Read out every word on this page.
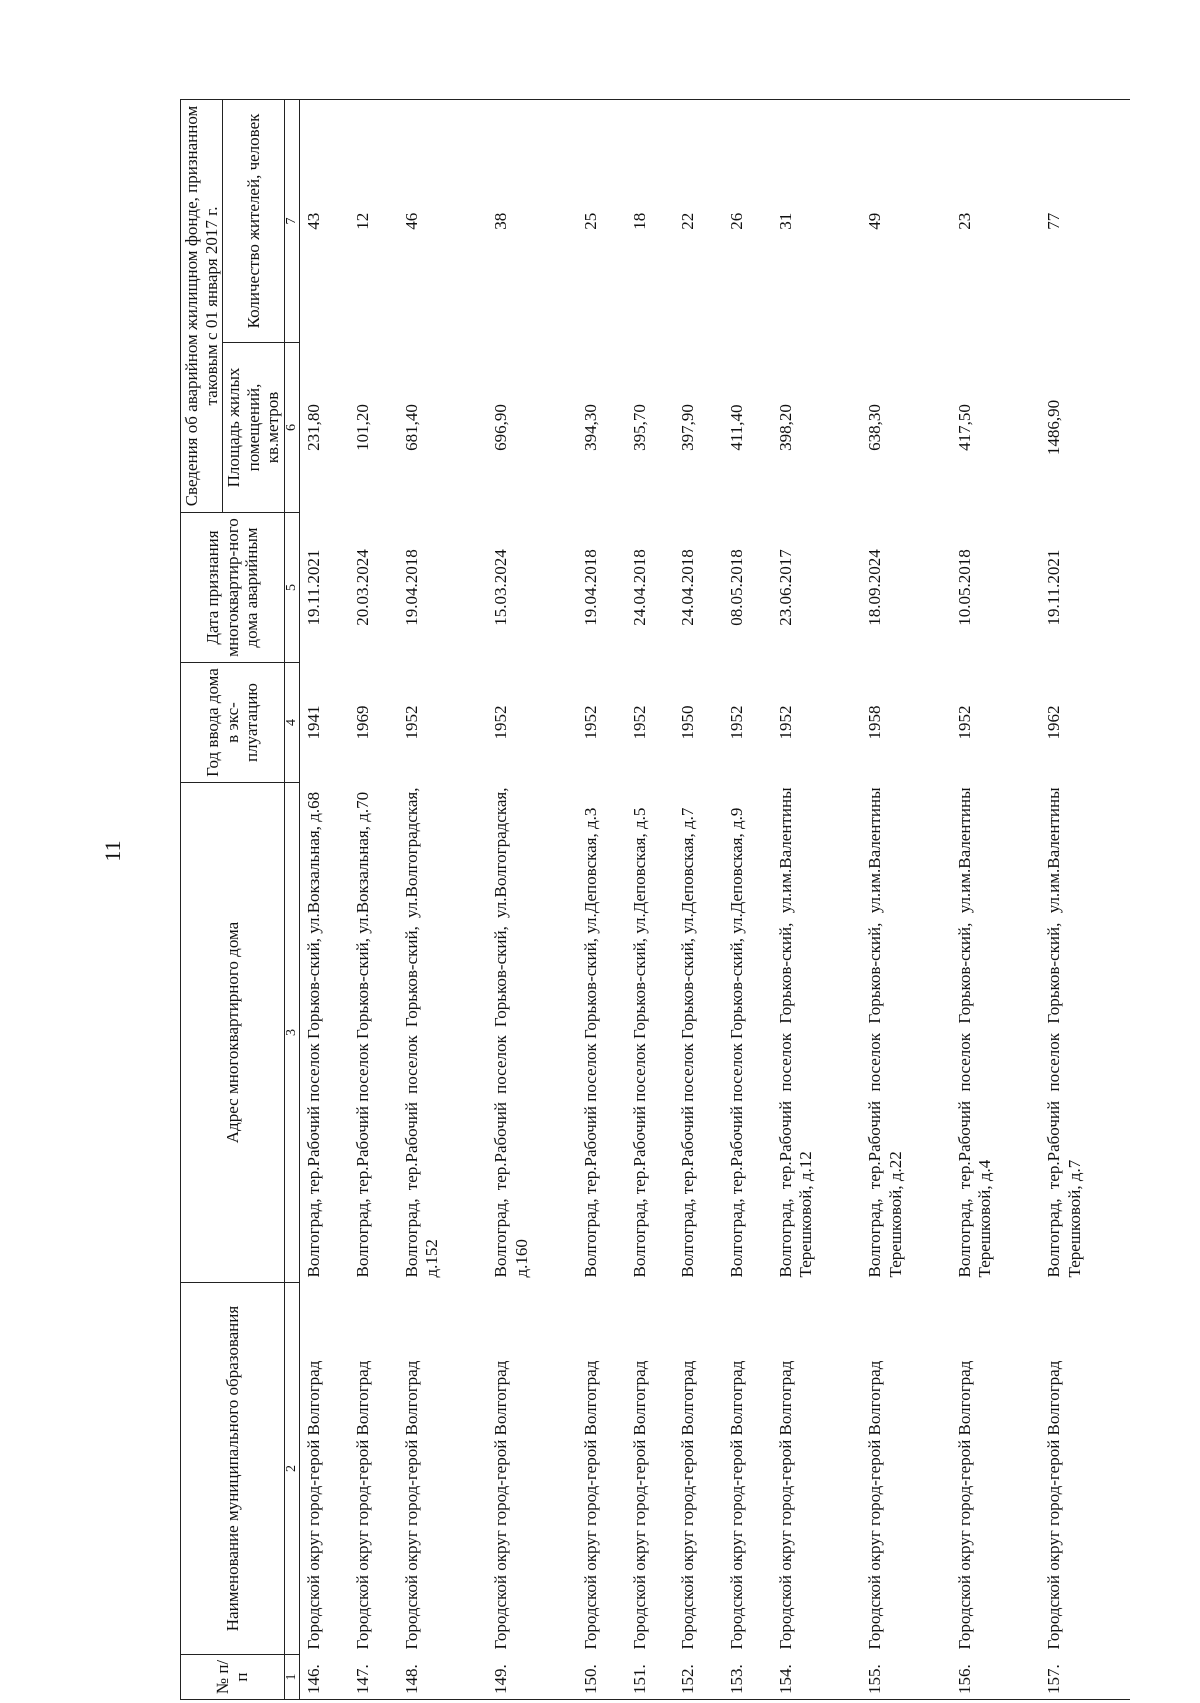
11
№ п/п	Наименование муниципального образования	Адрес многоквартирного дома	Год ввода дома в экс-плуатацию	Дата признания многоквартир-ного дома аварийным	Сведения об аварийном жилищном фонде, признанном таковым с 01 января 2017 г.	
					Площадь жилых помещений, кв.метров	Количество жителей, человек
1	2	3	4	5	6	7
146.	Городской округ город-герой Волгоград	Волгоград, тер.Рабочий поселок Горьков-ский, ул.Вокзальная, д.68	1941	19.11.2021	231,80	43
147.	Городской округ город-герой Волгоград	Волгоград, тер.Рабочий поселок Горьков-ский, ул.Вокзальная, д.70	1969	20.03.2024	101,20	12
148.	Городской округ город-герой Волгоград	Волгоград, тер.Рабочий поселок Горьков-ский, ул.Волгоградская, д.152	1952	19.04.2018	681,40	46
149.	Городской округ город-герой Волгоград	Волгоград, тер.Рабочий поселок Горьков-ский, ул.Волгоградская, д.160	1952	15.03.2024	696,90	38
150.	Городской округ город-герой Волгоград	Волгоград, тер.Рабочий поселок Горьков-ский, ул.Деповская, д.3	1952	19.04.2018	394,30	25
151.	Городской округ город-герой Волгоград	Волгоград, тер.Рабочий поселок Горьков-ский, ул.Деповская, д.5	1952	24.04.2018	395,70	18
152.	Городской округ город-герой Волгоград	Волгоград, тер.Рабочий поселок Горьков-ский, ул.Деповская, д.7	1950	24.04.2018	397,90	22
153.	Городской округ город-герой Волгоград	Волгоград, тер.Рабочий поселок Горьков-ский, ул.Деповская, д.9	1952	08.05.2018	411,40	26
154.	Городской округ город-герой Волгоград	Волгоград, тер.Рабочий поселок Горьков-ский, ул.им.Валентины Терешковой, д.12	1952	23.06.2017	398,20	31
155.	Городской округ город-герой Волгоград	Волгоград, тер.Рабочий поселок Горьков-ский, ул.им.Валентины Терешковой, д.22	1958	18.09.2024	638,30	49
156.	Городской округ город-герой Волгоград	Волгоград, тер.Рабочий поселок Горьков-ский, ул.им.Валентины Терешковой, д.4	1952	10.05.2018	417,50	23
157.	Городской округ город-герой Волгоград	Волгоград, тер.Рабочий поселок Горьков-ский, ул.им.Валентины Терешковой, д.7	1962	19.11.2021	1486,90	77
